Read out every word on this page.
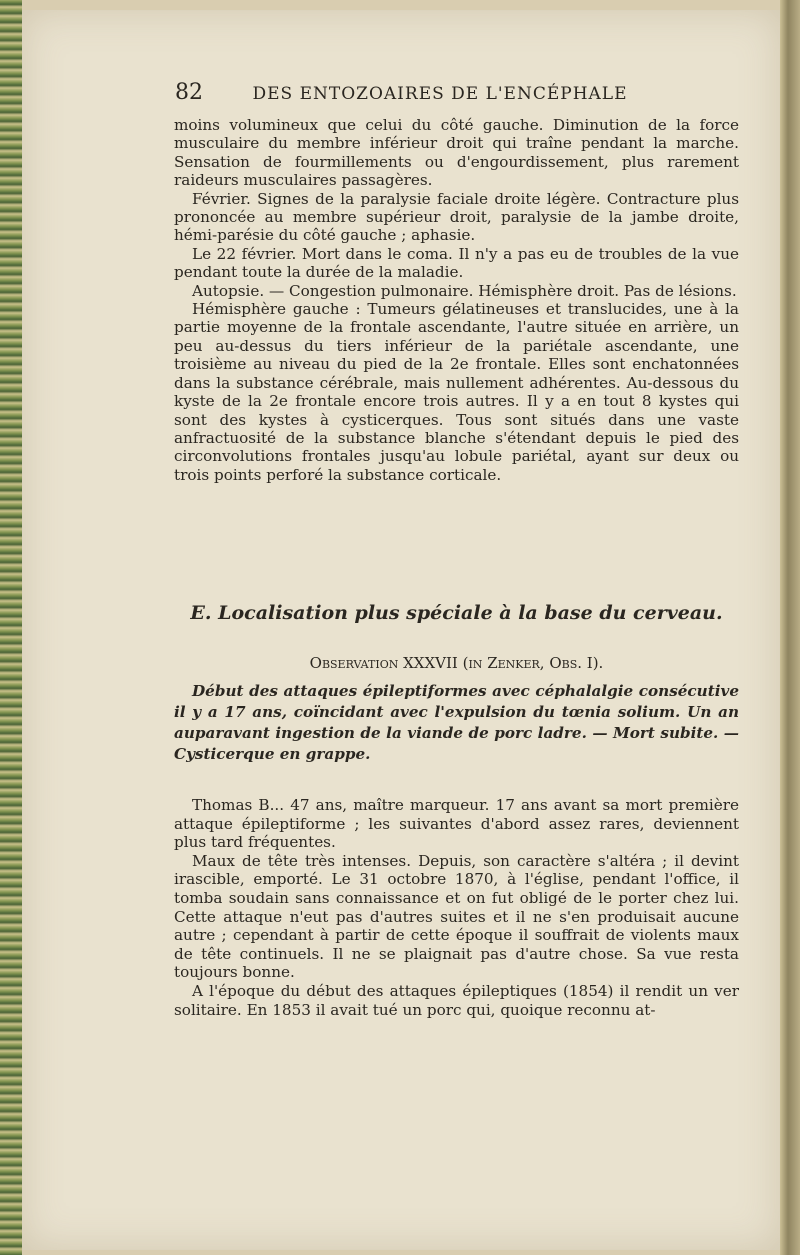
82	DES ENTOZOAIRES DE L'ENCÉPHALE

moins volumineux que celui du côté gauche. Diminution de la force musculaire du membre inférieur droit qui traîne pendant la marche. Sensation de fourmillements ou d'engourdissement, plus rarement raideurs musculaires passagères.

Février. Signes de la paralysie faciale droite légère. Contracture plus prononcée au membre supérieur droit, paralysie de la jambe droite, hémi-parésie du côté gauche ; aphasie.

Le 22 février. Mort dans le coma. Il n'y a pas eu de troubles de la vue pendant toute la durée de la maladie.

Autopsie. — Congestion pulmonaire. Hémisphère droit. Pas de lésions.

Hémisphère gauche : Tumeurs gélatineuses et translucides, une à la partie moyenne de la frontale ascendante, l'autre située en arrière, un peu au-dessus du tiers inférieur de la pariétale ascendante, une troisième au niveau du pied de la 2e frontale. Elles sont enchatonnées dans la substance cérébrale, mais nullement adhérentes. Au-dessous du kyste de la 2e frontale encore trois autres. Il y a en tout 8 kystes qui sont des kystes à cysticerques. Tous sont situés dans une vaste anfractuosité de la substance blanche s'étendant depuis le pied des circonvolutions frontales jusqu'au lobule pariétal, ayant sur deux ou trois points perforé la substance corticale.

E. Localisation plus spéciale à la base du cerveau.
Observation XXXVII (in Zenker, Obs. I).

Début des attaques épileptiformes avec céphalalgie consécutive il y a 17 ans, coïncidant avec l'expulsion du tœnia solium. Un an auparavant ingestion de la viande de porc ladre. — Mort subite. — Cysticerque en grappe.

Thomas B... 47 ans, maître marqueur. 17 ans avant sa mort première attaque épileptiforme ; les suivantes d'abord assez rares, deviennent plus tard fréquentes.

Maux de tête très intenses. Depuis, son caractère s'altéra ; il devint irascible, emporté. Le 31 octobre 1870, à l'église, pendant l'office, il tomba soudain sans connaissance et on fut obligé de le porter chez lui. Cette attaque n'eut pas d'autres suites et il ne s'en produisait aucune autre ; cependant à partir de cette époque il souffrait de violents maux de tête continuels. Il ne se plaignait pas d'autre chose. Sa vue resta toujours bonne.

A l'époque du début des attaques épileptiques (1854) il rendit un ver solitaire. En 1853 il avait tué un porc qui, quoique reconnu at-
